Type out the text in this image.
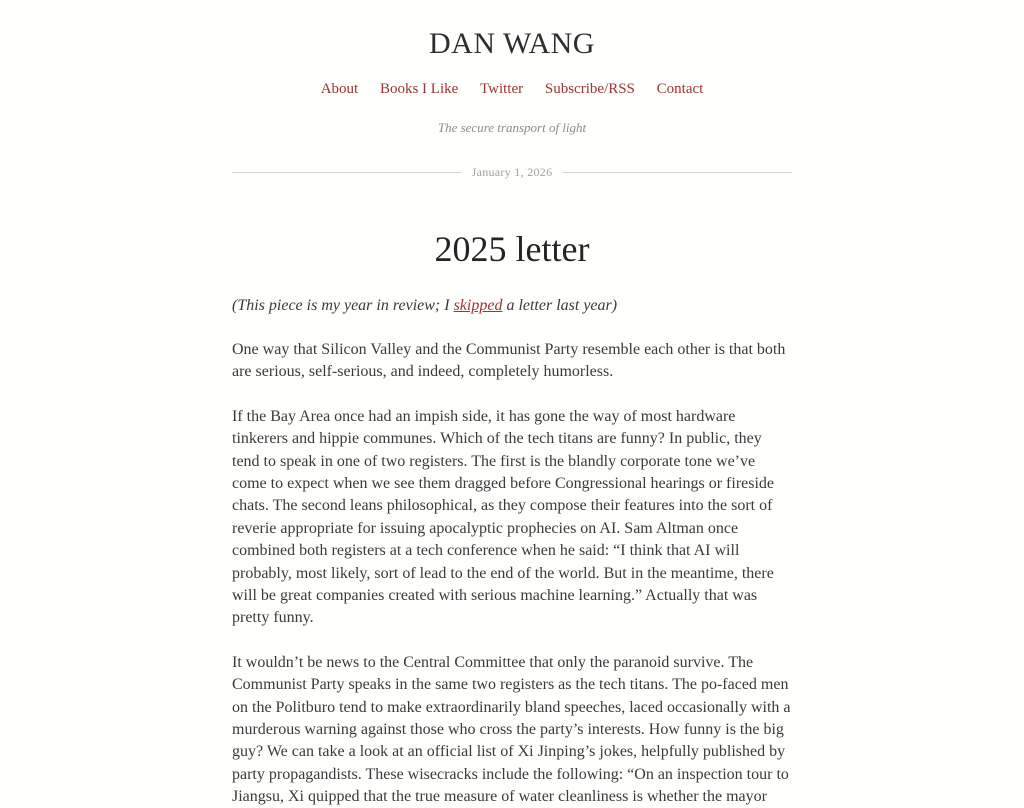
DAN WANG
About Books I Like Twitter Subscribe/RSS Contact
The secure transport of light
January 1, 2026
2025 letter

(This piece is my year in review; I skipped a letter last year)

One way that Silicon Valley and the Communist Party resemble each other is that both are serious, self-serious, and indeed, completely humorless.

If the Bay Area once had an impish side, it has gone the way of most hardware tinkerers and hippie communes. Which of the tech titans are funny? In public, they tend to speak in one of two registers. The first is the blandly corporate tone we’ve come to expect when we see them dragged before Congressional hearings or fireside chats. The second leans philosophical, as they compose their features into the sort of reverie appropriate for issuing apocalyptic prophecies on AI. Sam Altman once combined both registers at a tech conference when he said: “I think that AI will probably, most likely, sort of lead to the end of the world. But in the meantime, there will be great companies created with serious machine learning.” Actually that was pretty funny.

It wouldn’t be news to the Central Committee that only the paranoid survive. The Communist Party speaks in the same two registers as the tech titans. The po-faced men on the Politburo tend to make extraordinarily bland speeches, laced occasionally with a murderous warning against those who cross the party’s interests. How funny is the big guy? We can take a look at an official list of Xi Jinping’s jokes, helpfully published by party propagandists. These wisecracks include the following: “On an inspection tour to Jiangsu, Xi quipped that the true measure of water cleanliness is whether the mayor
